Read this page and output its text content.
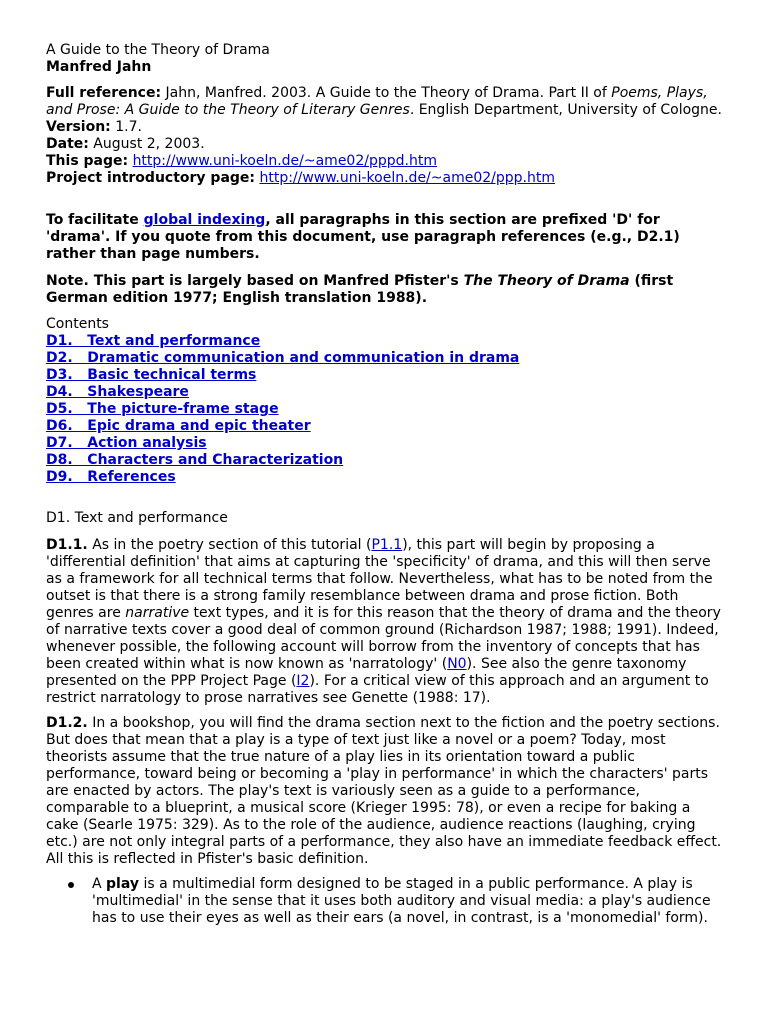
A Guide to the Theory of Drama
Manfred Jahn
Full reference: Jahn, Manfred. 2003. A Guide to the Theory of Drama. Part II of Poems, Plays, and Prose: A Guide to the Theory of Literary Genres. English Department, University of Cologne.
Version: 1.7.
Date: August 2, 2003.
This page: http://www.uni-koeln.de/~ame02/pppd.htm
Project introductory page: http://www.uni-koeln.de/~ame02/ppp.htm
To facilitate global indexing, all paragraphs in this section are prefixed 'D' for 'drama'. If you quote from this document, use paragraph references (e.g., D2.1) rather than page numbers.
Note. This part is largely based on Manfred Pfister's The Theory of Drama (first German edition 1977; English translation 1988).
Contents
D1.   Text and performance
D2.   Dramatic communication and communication in drama
D3.   Basic technical terms
D4.   Shakespeare
D5.   The picture-frame stage
D6.   Epic drama and epic theater
D7.   Action analysis
D8.   Characters and Characterization
D9.   References
D1. Text and performance
D1.1. As in the poetry section of this tutorial (P1.1), this part will begin by proposing a 'differential definition' that aims at capturing the 'specificity' of drama, and this will then serve as a framework for all technical terms that follow. Nevertheless, what has to be noted from the outset is that there is a strong family resemblance between drama and prose fiction. Both genres are narrative text types, and it is for this reason that the theory of drama and the theory of narrative texts cover a good deal of common ground (Richardson 1987; 1988; 1991). Indeed, whenever possible, the following account will borrow from the inventory of concepts that has been created within what is now known as 'narratology' (N0). See also the genre taxonomy presented on the PPP Project Page (I2). For a critical view of this approach and an argument to restrict narratology to prose narratives see Genette (1988: 17).
D1.2. In a bookshop, you will find the drama section next to the fiction and the poetry sections. But does that mean that a play is a type of text just like a novel or a poem? Today, most theorists assume that the true nature of a play lies in its orientation toward a public performance, toward being or becoming a 'play in performance' in which the characters' parts are enacted by actors. The play's text is variously seen as a guide to a performance, comparable to a blueprint, a musical score (Krieger 1995: 78), or even a recipe for baking a cake (Searle 1975: 329). As to the role of the audience, audience reactions (laughing, crying etc.) are not only integral parts of a performance, they also have an immediate feedback effect. All this is reflected in Pfister's basic definition.
A play is a multimedial form designed to be staged in a public performance. A play is 'multimedial' in the sense that it uses both auditory and visual media: a play's audience has to use their eyes as well as their ears (a novel, in contrast, is a 'monomedial' form).
